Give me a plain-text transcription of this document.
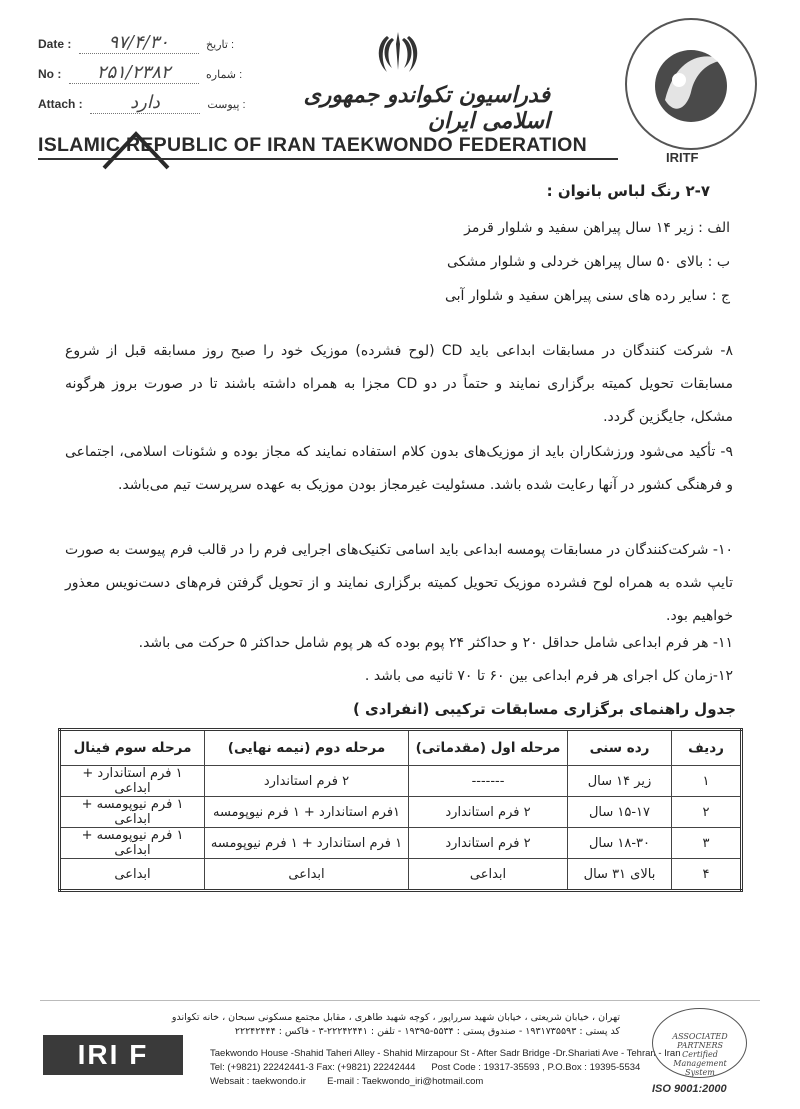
Date : ۹۷/۴/۳۰	تاریخ :
No : ۲۵۱/۲۳۸۲	شماره :
Attach :	دارد	پیوست :	فدراسیون تکواندو جمهوری اسلامی ایران
ISLAMIC REPUBLIC OF IRAN TAEKWONDO FEDERATION
IRITF
۲-۷ رنگ لباس بانوان :
الف : زیر ۱۴ سال پیراهن سفید و شلوار قرمز
ب : بالای ۵۰ سال پیراهن خردلی و شلوار مشکی
ج : سایر رده های سنی پیراهن سفید و شلوار آبی
۸- شرکت کنندگان در مسابقات ابداعی باید CD (لوح فشرده) موزیک خود را صبح روز مسابقه قبل از شروع مسابقات تحویل کمیته برگزاری نمایند و حتماً در دو CD مجزا به همراه داشته باشند تا در صورت بروز هرگونه مشکل، جایگزین گردد.
۹- تأکید می‌شود ورزشکاران باید از موزیک‌های بدون کلام استفاده نمایند که مجاز بوده و شئونات اسلامی، اجتماعی و فرهنگی کشور در آنها رعایت شده باشد. مسئولیت غیرمجاز بودن موزیک به عهده سرپرست تیم می‌باشد.
۱۰- شرکت‌کنندگان در مسابقات پومسه ابداعی باید اسامی تکنیک‌های اجرایی فرم را در قالب فرم پیوست به صورت تایپ شده به همراه لوح فشرده موزیک تحویل کمیته برگزاری نمایند و از تحویل گرفتن فرم‌های دست‌نویس معذور خواهیم بود.
۱۱- هر فرم ابداعی شامل حداقل ۲۰ و حداکثر ۲۴ پوم بوده که هر پوم شامل حداکثر ۵ حرکت می باشد.
۱۲-زمان کل اجرای هر فرم ابداعی بین ۶۰ تا ۷۰ ثانیه می باشد .
جدول راهنمای برگزاری مسابقات ترکیبی (انفرادی )
ردیف	رده سنی	مرحله اول (مقدماتی)	مرحله دوم (نیمه نهایی)	مرحله سوم فینال
۱	زیر ۱۴ سال	-------	۲ فرم استاندارد	۱ فرم استاندارد + ابداعی
۲	۱۵-۱۷ سال	۲ فرم استاندارد	۱فرم استاندارد + ۱ فرم نیوپومسه	۱ فرم نیوپومسه + ابداعی
۳	۱۸-۳۰ سال	۲ فرم استاندارد	۱ فرم استاندارد + ۱ فرم نیوپومسه	۱ فرم نیوپومسه + ابداعی
۴	بالای ۳۱ سال	ابداعی	ابداعی	ابداعی
IRI F
تهران ، خیابان شریعتی ، خیابان شهید سرراپور ، کوچه شهید طاهری ، مقابل مجتمع مسکونی سبحان ، خانه تکواندو
کد پستی : ۱۹۳۱۷۳۵۵۹۳ - صندوق پستی : ۵۵۳۴-۱۹۳۹۵ - تلفن : ۲۲۲۴۲۴۴۱-۳ - فاکس : ۲۲۲۴۲۴۴۴
Taekwondo House -Shahid Taheri Alley - Shahid Mirzapour St - After Sadr Bridge -Dr.Shariati Ave - Tehran - Iran
Tel: (+9821) 22242441-3 Fax: (+9821) 22242444 Post Code : 19317-35593 , P.O.Box : 19395-5534
Websait : taekwondo.ir E-mail : Taekwondo_iri@hotmail.com
ASSOCIATED PARTNERS Certified Management System
ISO 9001:2000
